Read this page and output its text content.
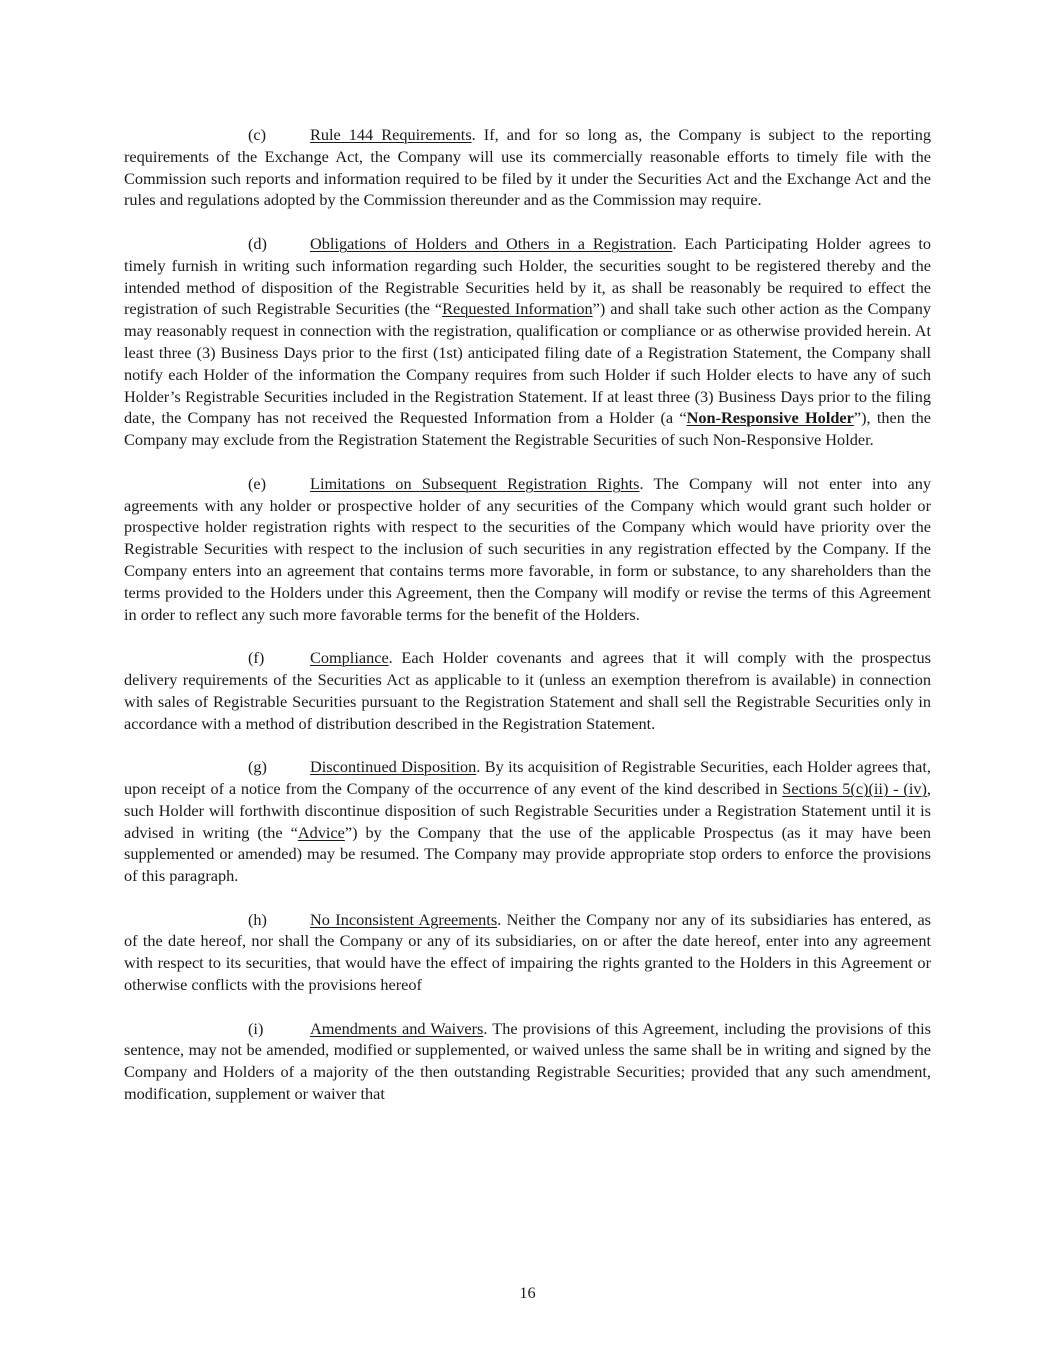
(c)	Rule 144 Requirements. If, and for so long as, the Company is subject to the reporting requirements of the Exchange Act, the Company will use its commercially reasonable efforts to timely file with the Commission such reports and information required to be filed by it under the Securities Act and the Exchange Act and the rules and regulations adopted by the Commission thereunder and as the Commission may require.

(d)	Obligations of Holders and Others in a Registration. Each Participating Holder agrees to timely furnish in writing such information regarding such Holder, the securities sought to be registered thereby and the intended method of disposition of the Registrable Securities held by it, as shall be reasonably be required to effect the registration of such Registrable Securities (the “Requested Information”) and shall take such other action as the Company may reasonably request in connection with the registration, qualification or compliance or as otherwise provided herein. At least three (3) Business Days prior to the first (1st) anticipated filing date of a Registration Statement, the Company shall notify each Holder of the information the Company requires from such Holder if such Holder elects to have any of such Holder’s Registrable Securities included in the Registration Statement. If at least three (3) Business Days prior to the filing date, the Company has not received the Requested Information from a Holder (a “Non-Responsive Holder”), then the Company may exclude from the Registration Statement the Registrable Securities of such Non-Responsive Holder.

(e)	Limitations on Subsequent Registration Rights. The Company will not enter into any agreements with any holder or prospective holder of any securities of the Company which would grant such holder or prospective holder registration rights with respect to the securities of the Company which would have priority over the Registrable Securities with respect to the inclusion of such securities in any registration effected by the Company. If the Company enters into an agreement that contains terms more favorable, in form or substance, to any shareholders than the terms provided to the Holders under this Agreement, then the Company will modify or revise the terms of this Agreement in order to reflect any such more favorable terms for the benefit of the Holders.

(f)	Compliance. Each Holder covenants and agrees that it will comply with the prospectus delivery requirements of the Securities Act as applicable to it (unless an exemption therefrom is available) in connection with sales of Registrable Securities pursuant to the Registration Statement and shall sell the Registrable Securities only in accordance with a method of distribution described in the Registration Statement.

(g)	Discontinued Disposition. By its acquisition of Registrable Securities, each Holder agrees that, upon receipt of a notice from the Company of the occurrence of any event of the kind described in Sections 5(c)(ii) - (iv), such Holder will forthwith discontinue disposition of such Registrable Securities under a Registration Statement until it is advised in writing (the “Advice”) by the Company that the use of the applicable Prospectus (as it may have been supplemented or amended) may be resumed. The Company may provide appropriate stop orders to enforce the provisions of this paragraph.

(h)	No Inconsistent Agreements. Neither the Company nor any of its subsidiaries has entered, as of the date hereof, nor shall the Company or any of its subsidiaries, on or after the date hereof, enter into any agreement with respect to its securities, that would have the effect of impairing the rights granted to the Holders in this Agreement or otherwise conflicts with the provisions hereof

(i)	Amendments and Waivers. The provisions of this Agreement, including the provisions of this sentence, may not be amended, modified or supplemented, or waived unless the same shall be in writing and signed by the Company and Holders of a majority of the then outstanding Registrable Securities; provided that any such amendment, modification, supplement or waiver that

16
